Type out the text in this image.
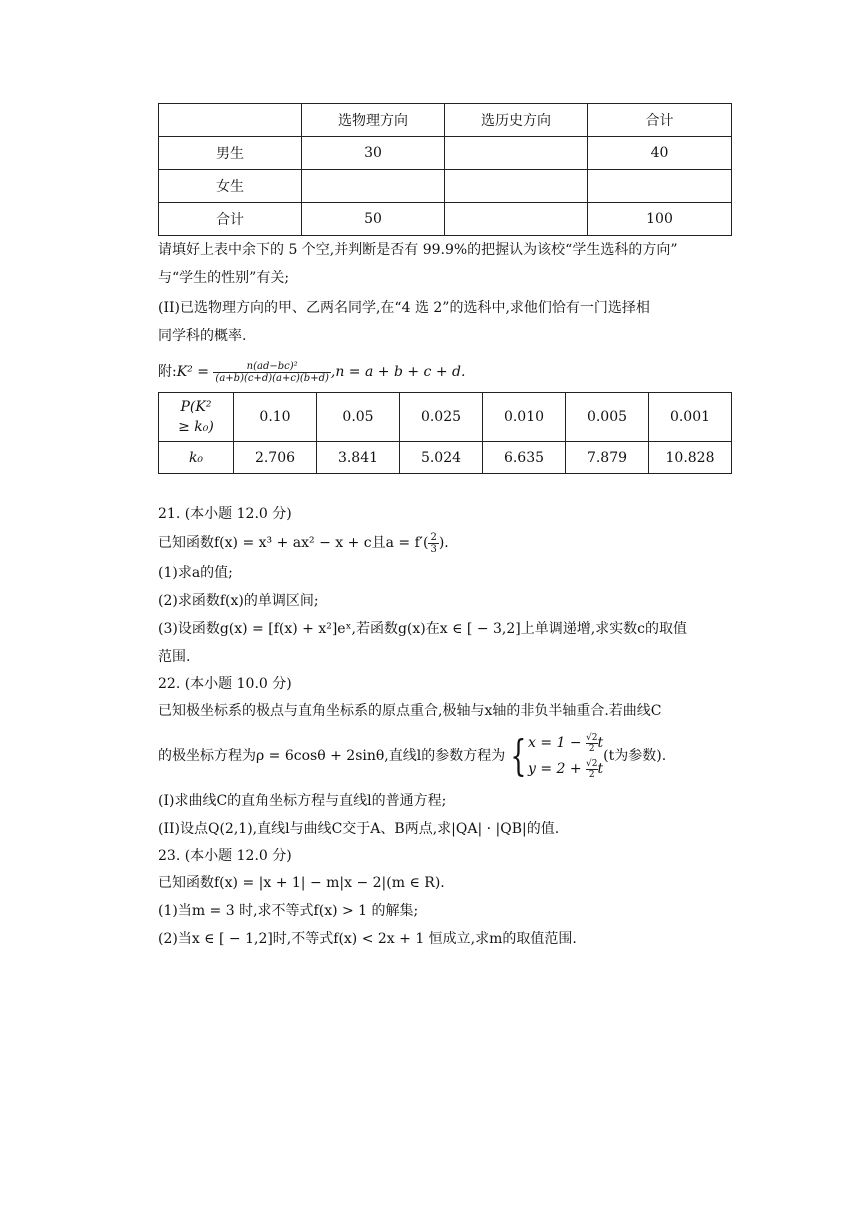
	选物理方向	选历史方向	合计
男生	30		40
女生			
合计	50		100

请填好上表中余下的 5 个空,并判断是否有 99.9%的把握认为该校“学生选科的方向”

与“学生的性别”有关;

(II)已选物理方向的甲、乙两名同学,在“4 选 2”的选科中,求他们恰有一门选择相

同学科的概率.

附:K² = $\frac{\text{n(ad−bc)²}}{(a+b)(c+d)(a+c)(b+d)} ,n = a + b + c + d$.

P(K²
≥ k₀)	0.10	0.05	0.025	0.010	0.005	0.001
k₀	2.706	3.841	5.024	6.635	7.879	10.828

21. (本小题 12.0 分)

已知函数f(x) = x³ + ax² − x + c且$a = f'( \frac{2}{3}$ ).

(1)求a的值;

(2)求函数f(x)的单调区间;

(3)设函数g(x) = [f(x) + x²]eˣ,若函数g(x)在x ∈ [ − 3,2]上单调递增,求实数c的取值

范围.

22. (本小题 10.0 分)

已知极坐标系的极点与直角坐标系的原点重合,极轴与x轴的非负半轴重合.若曲线C

的极坐标方程为ρ = 6cosθ + 2sinθ,直线l的参数方程为 { $x = 1 - \frac{√2}{2}t$
$y = 2 + \frac{√2}{2}t$
(t为参数).

(I)求曲线C的直角坐标方程与直线l的普通方程;

(II)设点Q(2,1),直线l与曲线C交于A、B两点,求|QA| · |QB|的值.

23. (本小题 12.0 分)

已知函数f(x) = |x + 1| − m|x − 2|(m ∈ R).

(1)当m = 3 时,求不等式f(x) > 1 的解集;

(2)当x ∈ [ − 1,2]时,不等式f(x) < 2x + 1 恒成立,求m的取值范围.
